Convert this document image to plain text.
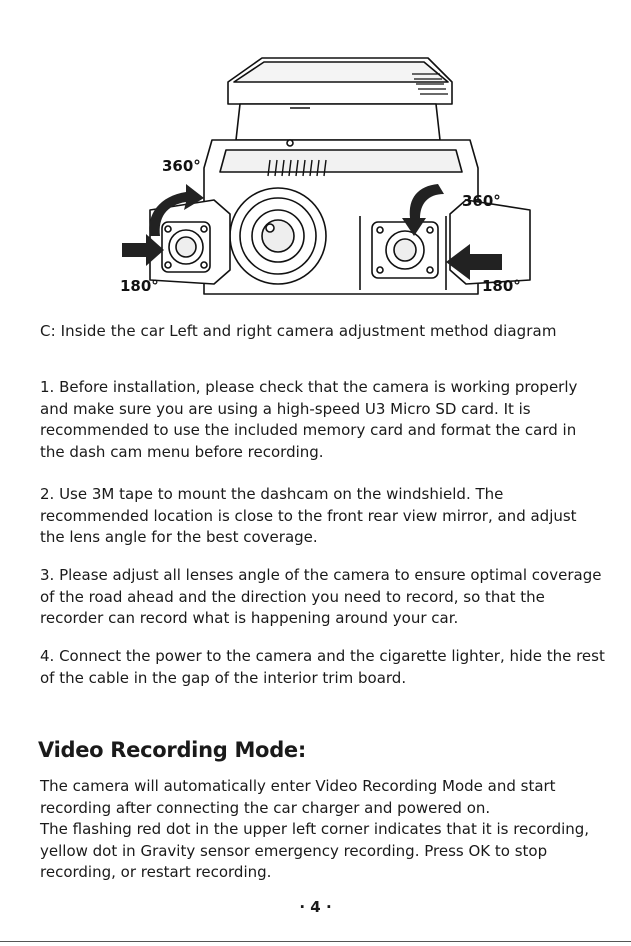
360°
360°
180°	180°
C: Inside the car Left and right camera adjustment method diagram

1. Before installation, please check that the camera is working properly and make sure you are using a high-speed U3 Micro SD card. It is recommended to use the included memory card and format the card in the dash cam menu before recording.

2. Use 3M tape to mount the dashcam on the windshield. The recommended location is close to the front rear view mirror, and adjust the lens angle for the best coverage.

3. Please adjust all lenses angle of the camera to ensure optimal coverage of the road ahead and the direction you need to record, so that the recorder can record what is happening around your car.

4. Connect the power to the camera and the cigarette lighter, hide the rest of the cable in the gap of the interior trim board.

Video Recording Mode:
The camera will automatically enter Video Recording Mode and start recording after connecting the car charger and powered on.
The flashing red dot in the upper left corner indicates that it is recording, yellow dot in Gravity sensor emergency recording. Press OK to stop recording, or restart recording.
· 4 ·
